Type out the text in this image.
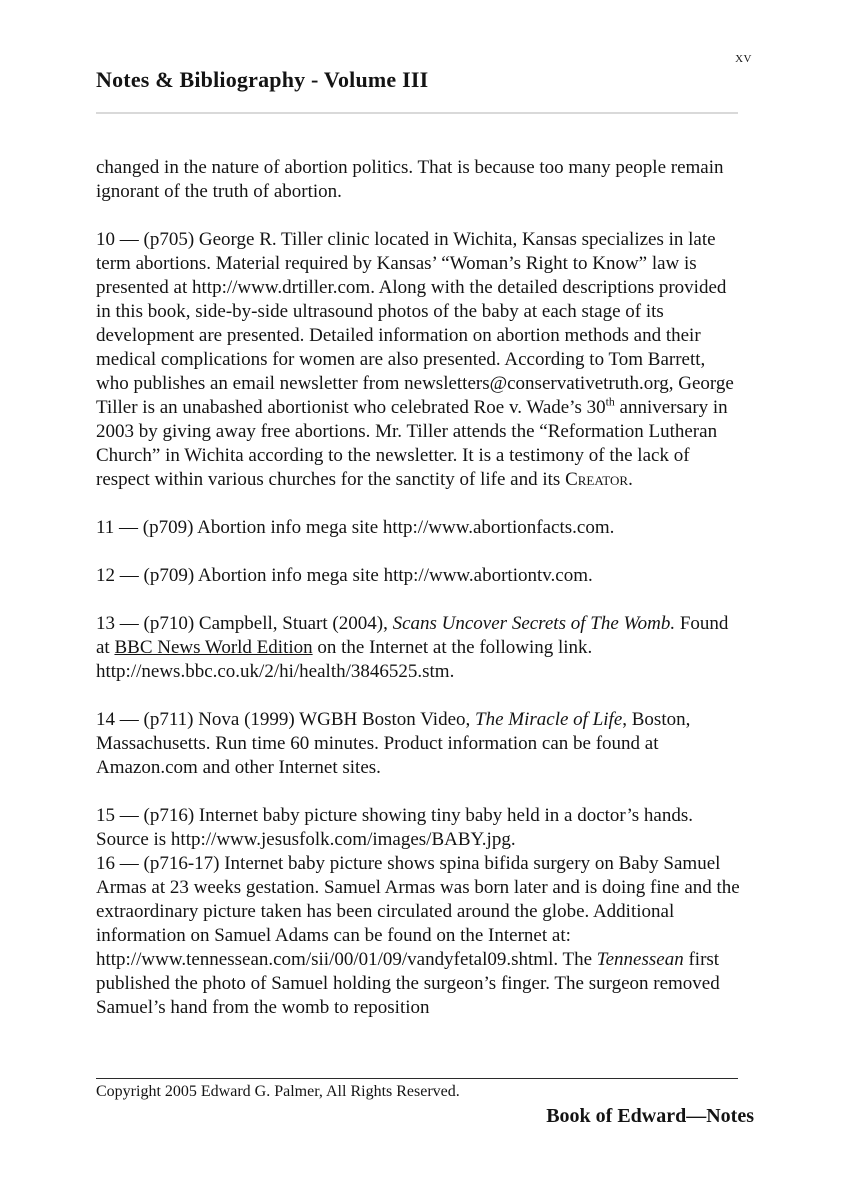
xv
Notes & Bibliography - Volume III

changed in the nature of abortion politics. That is because too many people remain ignorant of the truth of abortion.

10 — (p705) George R. Tiller clinic located in Wichita, Kansas specializes in late term abortions. Material required by Kansas’ “Woman’s Right to Know” law is presented at http://www.drtiller.com. Along with the detailed descriptions provided in this book, side-by-side ultrasound photos of the baby at each stage of its development are presented. Detailed information on abortion methods and their medical complications for women are also presented. According to Tom Barrett, who publishes an email newsletter from newsletters@conservativetruth.org, George Tiller is an unabashed abortionist who celebrated Roe v. Wade’s 30th anniversary in 2003 by giving away free abortions. Mr. Tiller attends the “Reformation Lutheran Church” in Wichita according to the newsletter. It is a testimony of the lack of respect within various churches for the sanctity of life and its Creator.

11 — (p709) Abortion info mega site http://www.abortionfacts.com.

12 — (p709) Abortion info mega site http://www.abortiontv.com.

13 — (p710) Campbell, Stuart (2004), Scans Uncover Secrets of The Womb. Found at BBC News World Edition on the Internet at the following link. http://news.bbc.co.uk/2/hi/health/3846525.stm.

14 — (p711) Nova (1999) WGBH Boston Video, The Miracle of Life, Boston, Massachusetts. Run time 60 minutes. Product information can be found at Amazon.com and other Internet sites.

15 — (p716) Internet baby picture showing tiny baby held in a doctor’s hands. Source is http://www.jesusfolk.com/images/BABY.jpg.

16 — (p716-17) Internet baby picture shows spina bifida surgery on Baby Samuel Armas at 23 weeks gestation. Samuel Armas was born later and is doing fine and the extraordinary picture taken has been circulated around the globe. Additional information on Samuel Adams can be found on the Internet at: http://www.tennessean.com/sii/00/01/09/vandyfetal09.shtml. The Tennessean first published the photo of Samuel holding the surgeon’s finger. The surgeon removed Samuel’s hand from the womb to reposition

Copyright 2005 Edward G. Palmer, All Rights Reserved.
Book of Edward—Notes
